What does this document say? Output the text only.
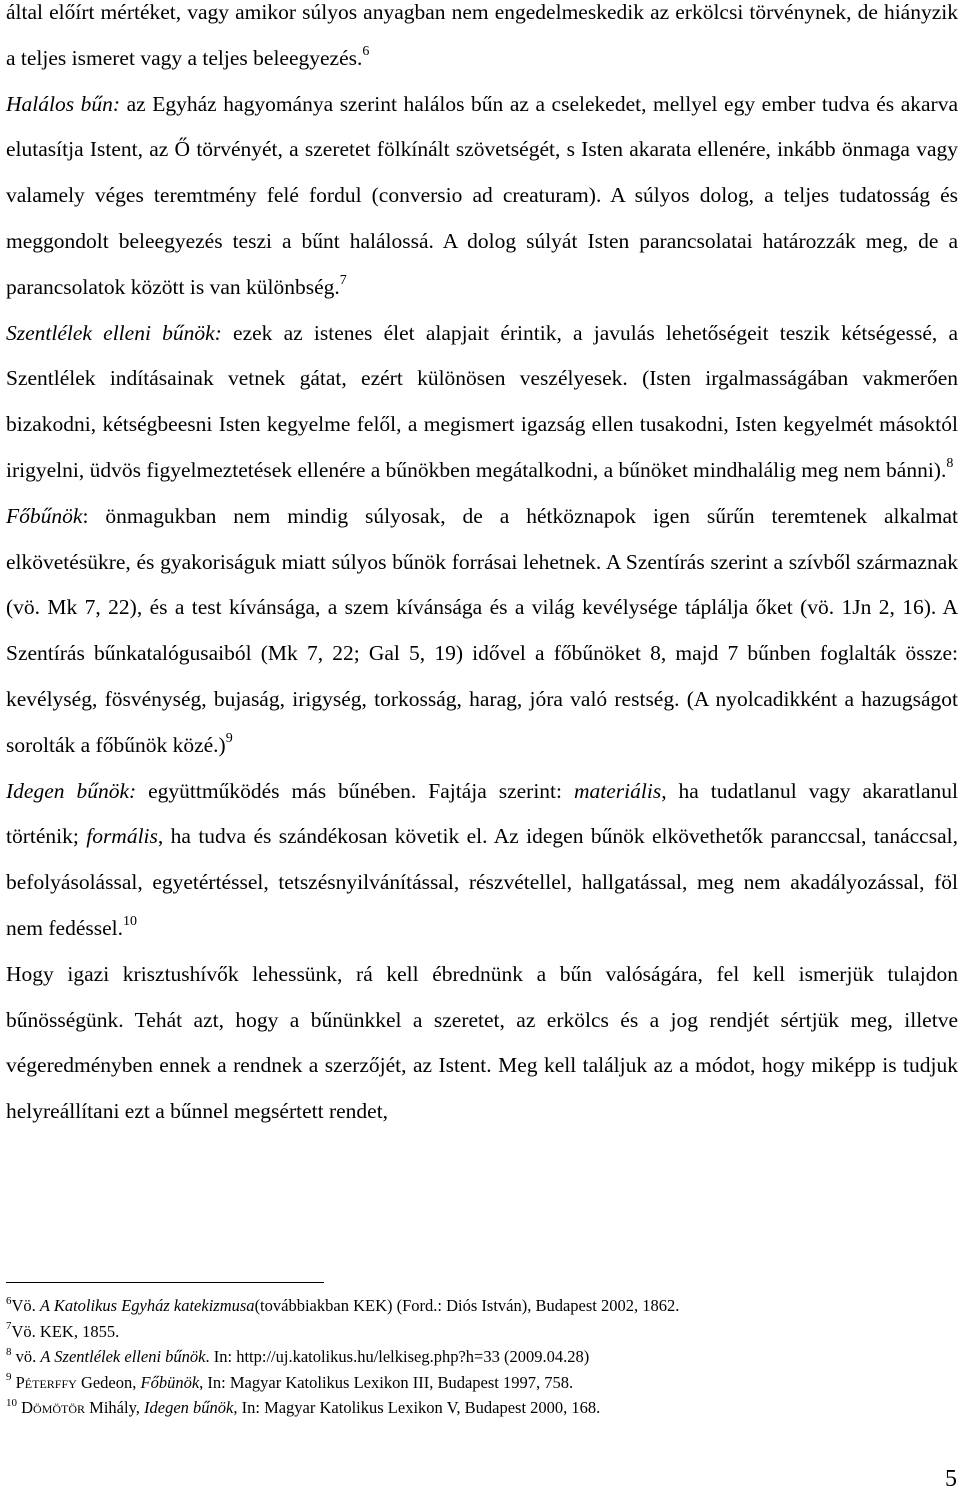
által előírt mértéket, vagy amikor súlyos anyagban nem engedelmeskedik az erkölcsi törvénynek, de hiányzik a teljes ismeret vagy a teljes beleegyezés.$^6$

Halálos bűn: az Egyház hagyománya szerint halálos bűn az a cselekedet, mellyel egy ember tudva és akarva elutasítja Istent, az Ő törvényét, a szeretet fölkínált szövetségét, s Isten akarata ellenére, inkább önmaga vagy valamely véges teremtmény felé fordul (conversio ad creaturam). A súlyos dolog, a teljes tudatosság és meggondolt beleegyezés teszi a bűnt halálossá. A dolog súlyát Isten parancsolatai határozzák meg, de a parancsolatok között is van különbség.$^7$

Szentlélek elleni bűnök: ezek az istenes élet alapjait érintik, a javulás lehetőségeit teszik kétségessé, a Szentlélek indításainak vetnek gátat, ezért különösen veszélyesek. (Isten irgalmasságában vakmerően bizakodni, kétségbeesni Isten kegyelme felől, a megismert igazság ellen tusakodni, Isten kegyelmét másoktól irigyelni, üdvös figyelmeztetések ellenére a bűnökben megátalkodni, a bűnöket mindhalálig meg nem bánni).$^8$

Főbűnök: önmagukban nem mindig súlyosak, de a hétköznapok igen sűrűn teremtenek alkalmat elkövetésükre, és gyakoriságuk miatt súlyos bűnök forrásai lehetnek. A Szentírás szerint a szívből származnak (vö. Mk 7, 22), és a test kívánsága, a szem kívánsága és a világ kevélysége táplálja őket (vö. 1Jn 2, 16). A Szentírás bűnkatalógusaiból (Mk 7, 22; Gal 5, 19) idővel a főbűnöket 8, majd 7 bűnben foglalták össze: kevélység, fösvénység, bujaság, irigység, torkosság, harag, jóra való restség. (A nyolcadikként a hazugságot sorolták a főbűnök közé.)$^9$

Idegen bűnök: együttműködés más bűnében. Fajtája szerint: materiális, ha tudatlanul vagy akaratlanul történik; formális, ha tudva és szándékosan követik el. Az idegen bűnök elkövethetők paranccsal, tanáccsal, befolyásolással, egyetértéssel, tetszésnyilvánítással, részvétellel, hallgatással, meg nem akadályozással, föl nem fedéssel.$^{10}$

Hogy igazi krisztushívők lehessünk, rá kell ébrednünk a bűn valóságára, fel kell ismerjük tulajdon bűnösségünk. Tehát azt, hogy a bűnünkkel a szeretet, az erkölcs és a jog rendjét sértjük meg, illetve végeredményben ennek a rendnek a szerzőjét, az Istent. Meg kell találjuk az a módot, hogy miképp is tudjuk helyreállítani ezt a bűnnel megsértett rendet,

$^6$Vö. A Katolikus Egyház katekizmusa(továbbiakban KEK) (Ford.: Diós István), Budapest 2002, 1862.

$^7$Vö. KEK, 1855.

$^8$ vö. A Szentlélek elleni bűnök. In: http://uj.katolikus.hu/lelkiseg.php?h=33 (2009.04.28)

$^9$ Péterffy Gedeon, Főbünök, In: Magyar Katolikus Lexikon III, Budapest 1997, 758.

$^{10}$ Dömötör Mihály, Idegen bűnök, In: Magyar Katolikus Lexikon V, Budapest 2000, 168.

5
